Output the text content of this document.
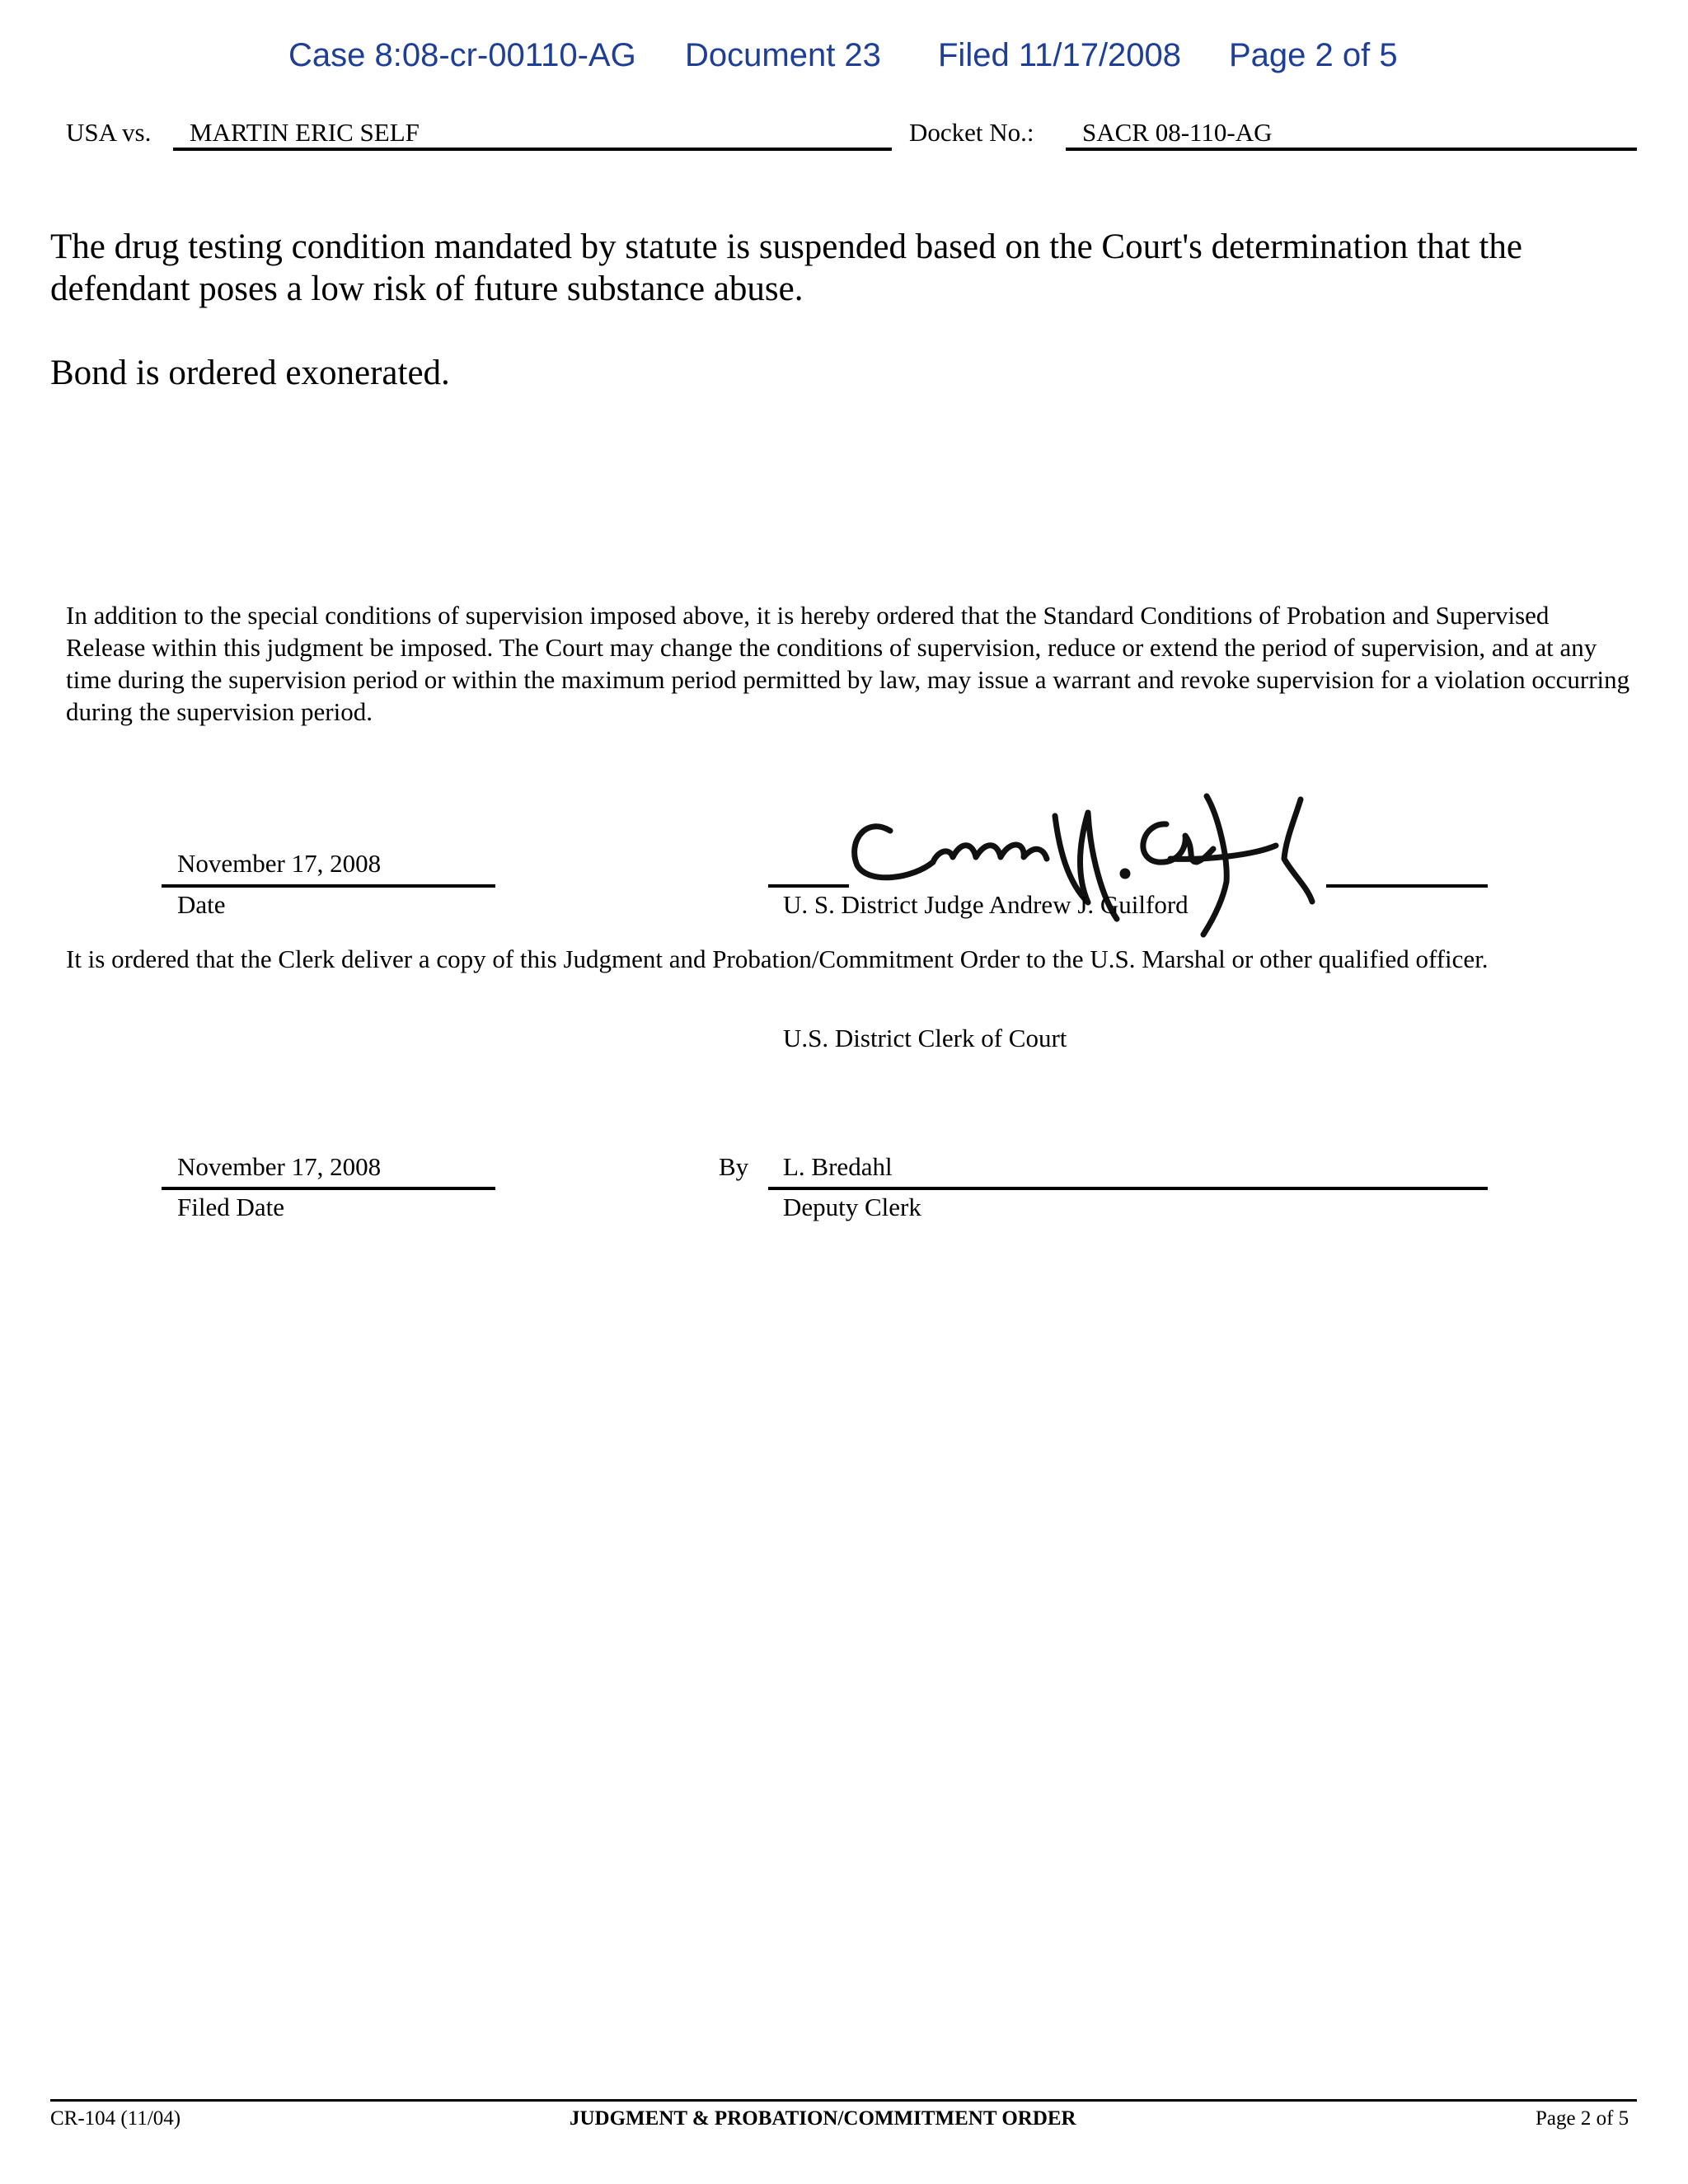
Case 8:08-cr-00110-AG Document 23 Filed 11/17/2008 Page 2 of 5
USA vs. MARTIN ERIC SELF	Docket No.: SACR 08-110-AG
The drug testing condition mandated by statute is suspended based on the Court's determination that the defendant poses a low risk of future substance abuse.
Bond is ordered exonerated.
In addition to the special conditions of supervision imposed above, it is hereby ordered that the Standard Conditions of Probation and Supervised Release within this judgment be imposed. The Court may change the conditions of supervision, reduce or extend the period of supervision, and at any time during the supervision period or within the maximum period permitted by law, may issue a warrant and revoke supervision for a violation occurring during the supervision period.
November 17, 2008
Date	U. S. District Judge Andrew J. Guilford
It is ordered that the Clerk deliver a copy of this Judgment and Probation/Commitment Order to the U.S. Marshal or other qualified officer.
U.S. District Clerk of Court
November 17, 2008
Filed Date
By L. Bredahl
Deputy Clerk
CR-104 (11/04)	JUDGMENT & PROBATION/COMMITMENT ORDER	Page 2 of 5
